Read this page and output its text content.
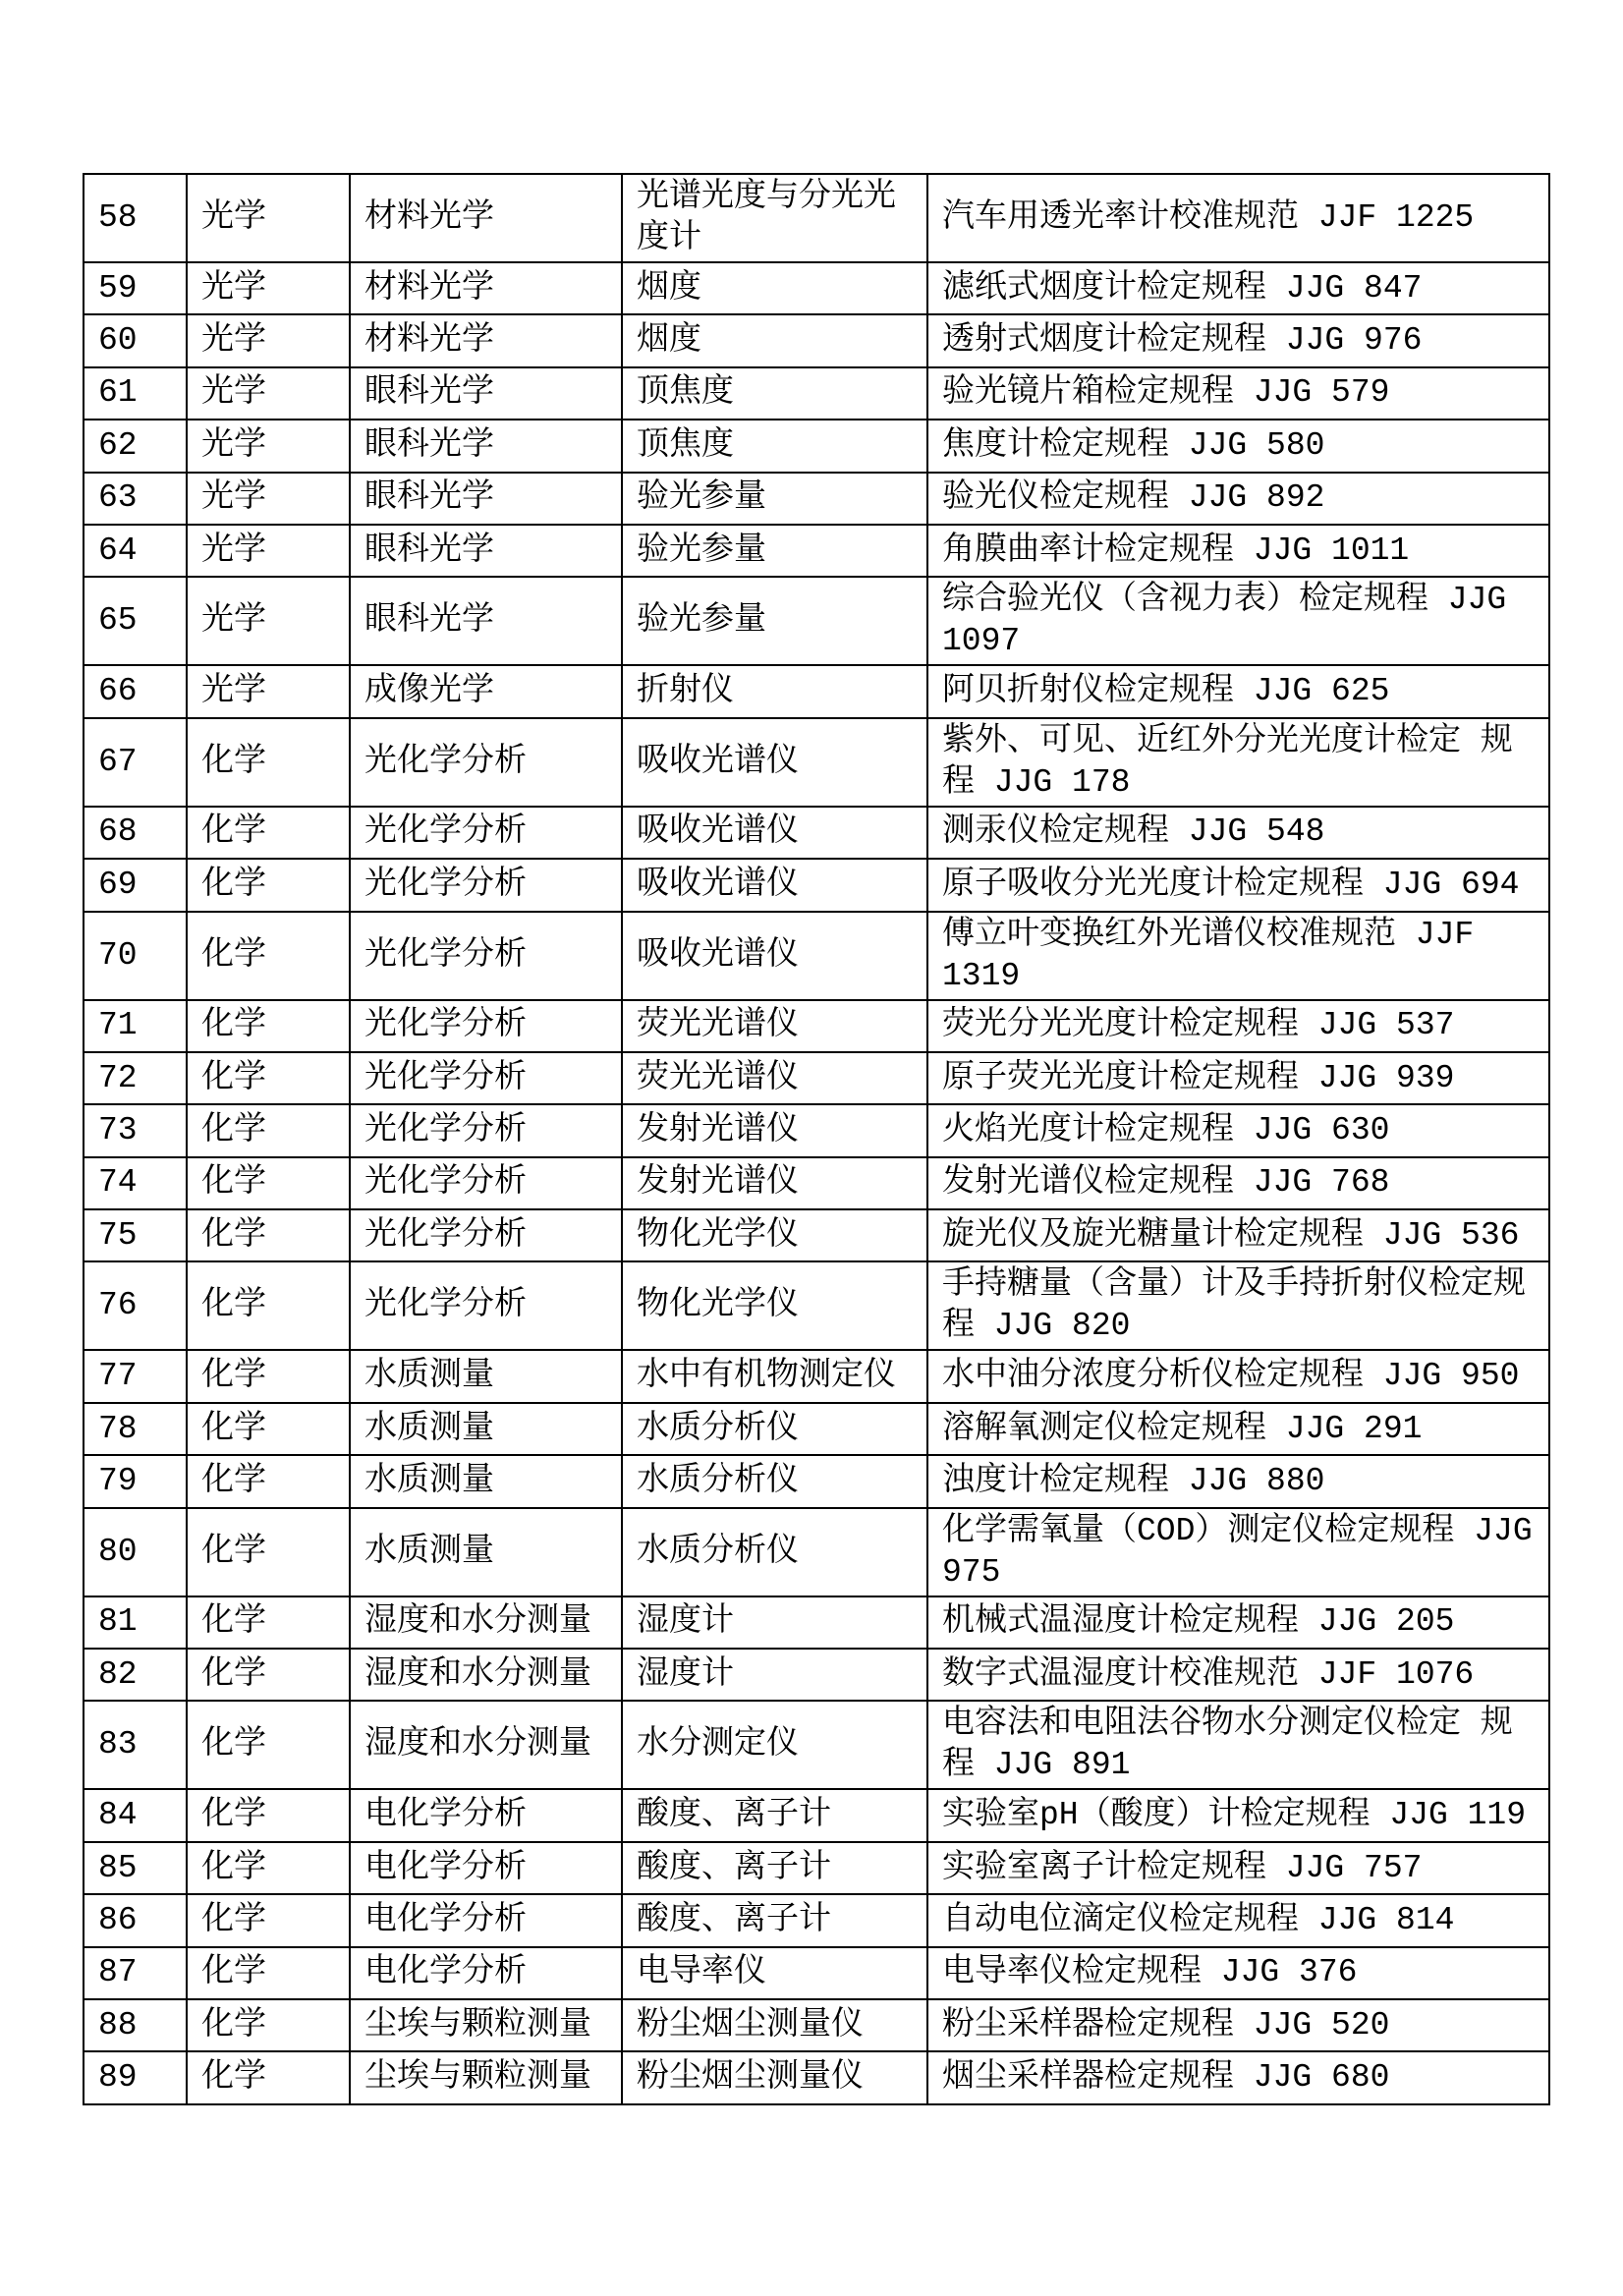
58	光学	材料光学	光谱光度与分光光度计	汽车用透光率计校准规范 JJF 1225
59	光学	材料光学	烟度	滤纸式烟度计检定规程 JJG 847
60	光学	材料光学	烟度	透射式烟度计检定规程 JJG 976
61	光学	眼科光学	顶焦度	验光镜片箱检定规程 JJG 579
62	光学	眼科光学	顶焦度	焦度计检定规程 JJG 580
63	光学	眼科光学	验光参量	验光仪检定规程 JJG 892
64	光学	眼科光学	验光参量	角膜曲率计检定规程 JJG 1011
65	光学	眼科光学	验光参量	综合验光仪（含视力表）检定规程 JJG 1097
66	光学	成像光学	折射仪	阿贝折射仪检定规程 JJG 625
67	化学	光化学分析	吸收光谱仪	紫外、可见、近红外分光光度计检定 规程 JJG 178
68	化学	光化学分析	吸收光谱仪	测汞仪检定规程 JJG 548
69	化学	光化学分析	吸收光谱仪	原子吸收分光光度计检定规程 JJG 694
70	化学	光化学分析	吸收光谱仪	傅立叶变换红外光谱仪校准规范 JJF 1319
71	化学	光化学分析	荧光光谱仪	荧光分光光度计检定规程 JJG 537
72	化学	光化学分析	荧光光谱仪	原子荧光光度计检定规程 JJG 939
73	化学	光化学分析	发射光谱仪	火焰光度计检定规程 JJG 630
74	化学	光化学分析	发射光谱仪	发射光谱仪检定规程 JJG 768
75	化学	光化学分析	物化光学仪	旋光仪及旋光糖量计检定规程 JJG 536
76	化学	光化学分析	物化光学仪	手持糖量（含量）计及手持折射仪检定规程 JJG 820
77	化学	水质测量	水中有机物测定仪	水中油分浓度分析仪检定规程 JJG 950
78	化学	水质测量	水质分析仪	溶解氧测定仪检定规程 JJG 291
79	化学	水质测量	水质分析仪	浊度计检定规程 JJG 880
80	化学	水质测量	水质分析仪	化学需氧量（COD）测定仪检定规程 JJG 975
81	化学	湿度和水分测量	湿度计	机械式温湿度计检定规程 JJG 205
82	化学	湿度和水分测量	湿度计	数字式温湿度计校准规范 JJF 1076
83	化学	湿度和水分测量	水分测定仪	电容法和电阻法谷物水分测定仪检定 规程 JJG 891
84	化学	电化学分析	酸度、离子计	实验室pH（酸度）计检定规程 JJG 119
85	化学	电化学分析	酸度、离子计	实验室离子计检定规程 JJG 757
86	化学	电化学分析	酸度、离子计	自动电位滴定仪检定规程 JJG 814
87	化学	电化学分析	电导率仪	电导率仪检定规程 JJG 376
88	化学	尘埃与颗粒测量	粉尘烟尘测量仪	粉尘采样器检定规程 JJG 520
89	化学	尘埃与颗粒测量	粉尘烟尘测量仪	烟尘采样器检定规程 JJG 680
